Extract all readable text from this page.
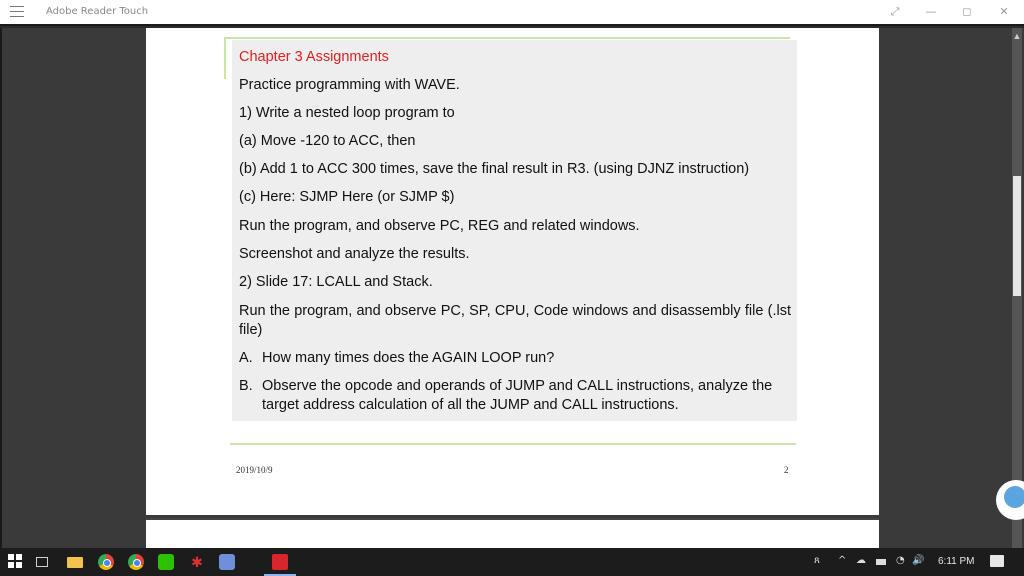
Adobe Reader Touch	⤢	—	◻	✕
Chapter 3 Assignments
Practice programming with WAVE.
1) Write a nested loop program to
(a) Move -120 to ACC, then
(b) Add 1 to ACC 300 times, save the final result in R3. (using DJNZ instruction)
(c) Here: SJMP Here (or SJMP $)
Run the program, and observe PC, REG and related windows.
Screenshot and analyze the results.
2) Slide 17: LCALL and Stack.
Run the program, and observe PC, SP, CPU, Code windows and disassembly file (.lst file)
A. How many times does the AGAIN LOOP run?
B. Observe the opcode and operands of JUMP and CALL instructions, analyze the target address calculation of all the JUMP and CALL instructions.
2019/10/9	2
▲
✱	ጸ ^ ☁	◔ 🔊 6:11 PM
